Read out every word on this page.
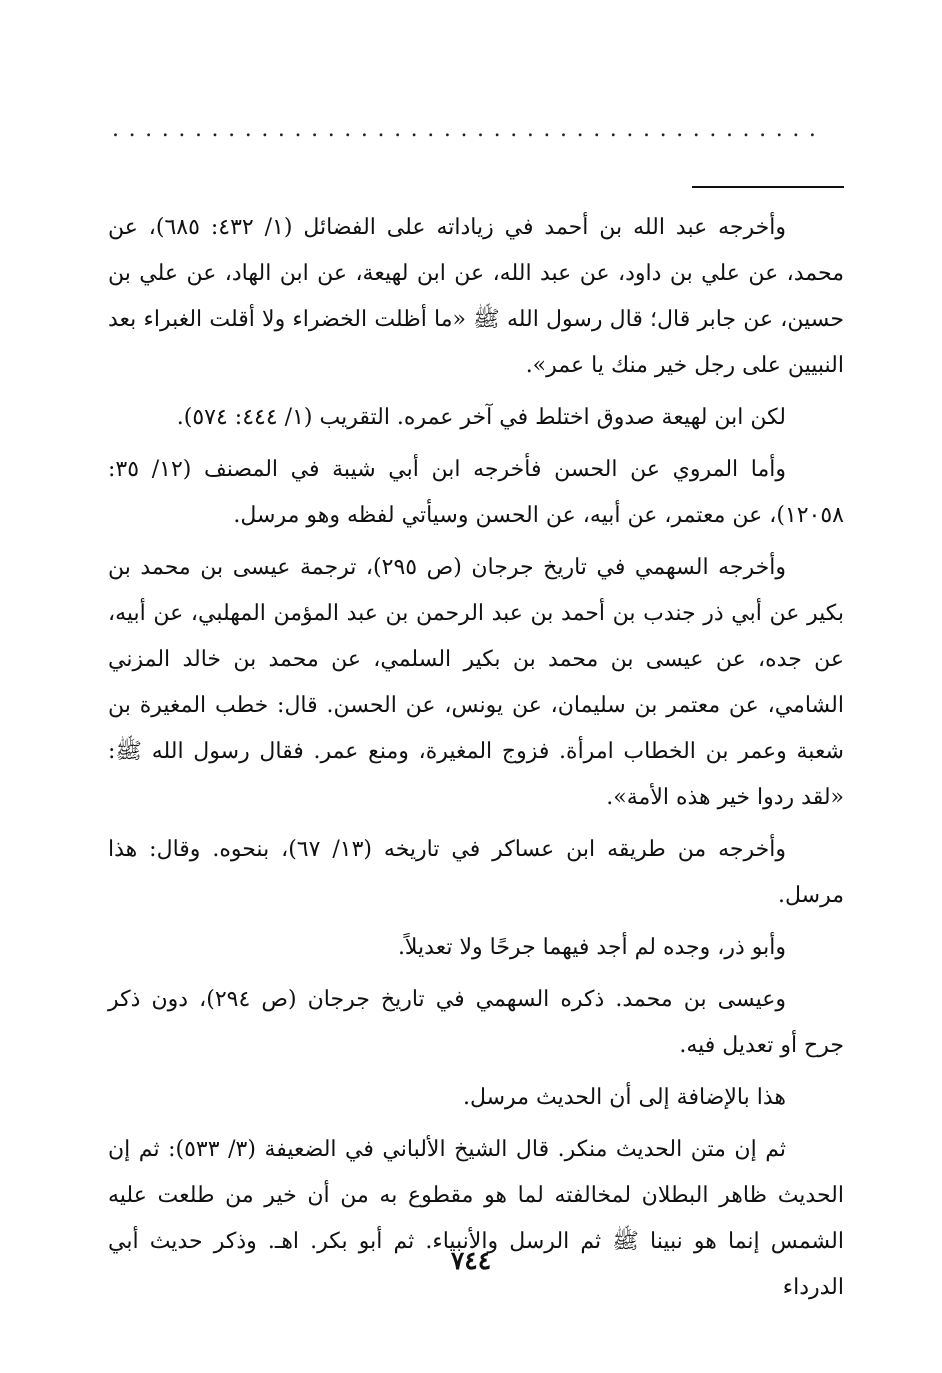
...........................................

وأخرجه عبد الله بن أحمد في زياداته على الفضائل (١/ ٤٣٢: ٦٨٥)، عن محمد، عن علي بن داود، عن عبد الله، عن ابن لهيعة، عن ابن الهاد، عن علي بن حسين، عن جابر قال؛ قال رسول الله ﷺ «ما أظلت الخضراء ولا أقلت الغبراء بعد النبيين على رجل خير منك يا عمر».

لكن ابن لهيعة صدوق اختلط في آخر عمره. التقريب (١/ ٤٤٤: ٥٧٤).

وأما المروي عن الحسن فأخرجه ابن أبي شيبة في المصنف (١٢/ ٣٥: ١٢٠٥٨)، عن معتمر، عن أبيه، عن الحسن وسيأتي لفظه وهو مرسل.

وأخرجه السهمي في تاريخ جرجان (ص ٢٩٥)، ترجمة عيسى بن محمد بن بكير عن أبي ذر جندب بن أحمد بن عبد الرحمن بن عبد المؤمن المهلبي، عن أبيه، عن جده، عن عيسى بن محمد بن بكير السلمي، عن محمد بن خالد المزني الشامي، عن معتمر بن سليمان، عن يونس، عن الحسن. قال: خطب المغيرة بن شعبة وعمر بن الخطاب امرأة. فزوج المغيرة، ومنع عمر. فقال رسول الله ﷺ: «لقد ردوا خير هذه الأمة».

وأخرجه من طريقه ابن عساكر في تاريخه (١٣/ ٦٧)، بنحوه. وقال: هذا مرسل.

وأبو ذر، وجده لم أجد فيهما جرحًا ولا تعديلاً.

وعيسى بن محمد. ذكره السهمي في تاريخ جرجان (ص ٢٩٤)، دون ذكر جرح أو تعديل فيه.

هذا بالإضافة إلى أن الحديث مرسل.

ثم إن متن الحديث منكر. قال الشيخ الألباني في الضعيفة (٣/ ٥٣٣): ثم إن الحديث ظاهر البطلان لمخالفته لما هو مقطوع به من أن خير من طلعت عليه الشمس إنما هو نبينا ﷺ ثم الرسل والأنبياء. ثم أبو بكر. اهـ. وذكر حديث أبي الدرداء

٧٤٤
